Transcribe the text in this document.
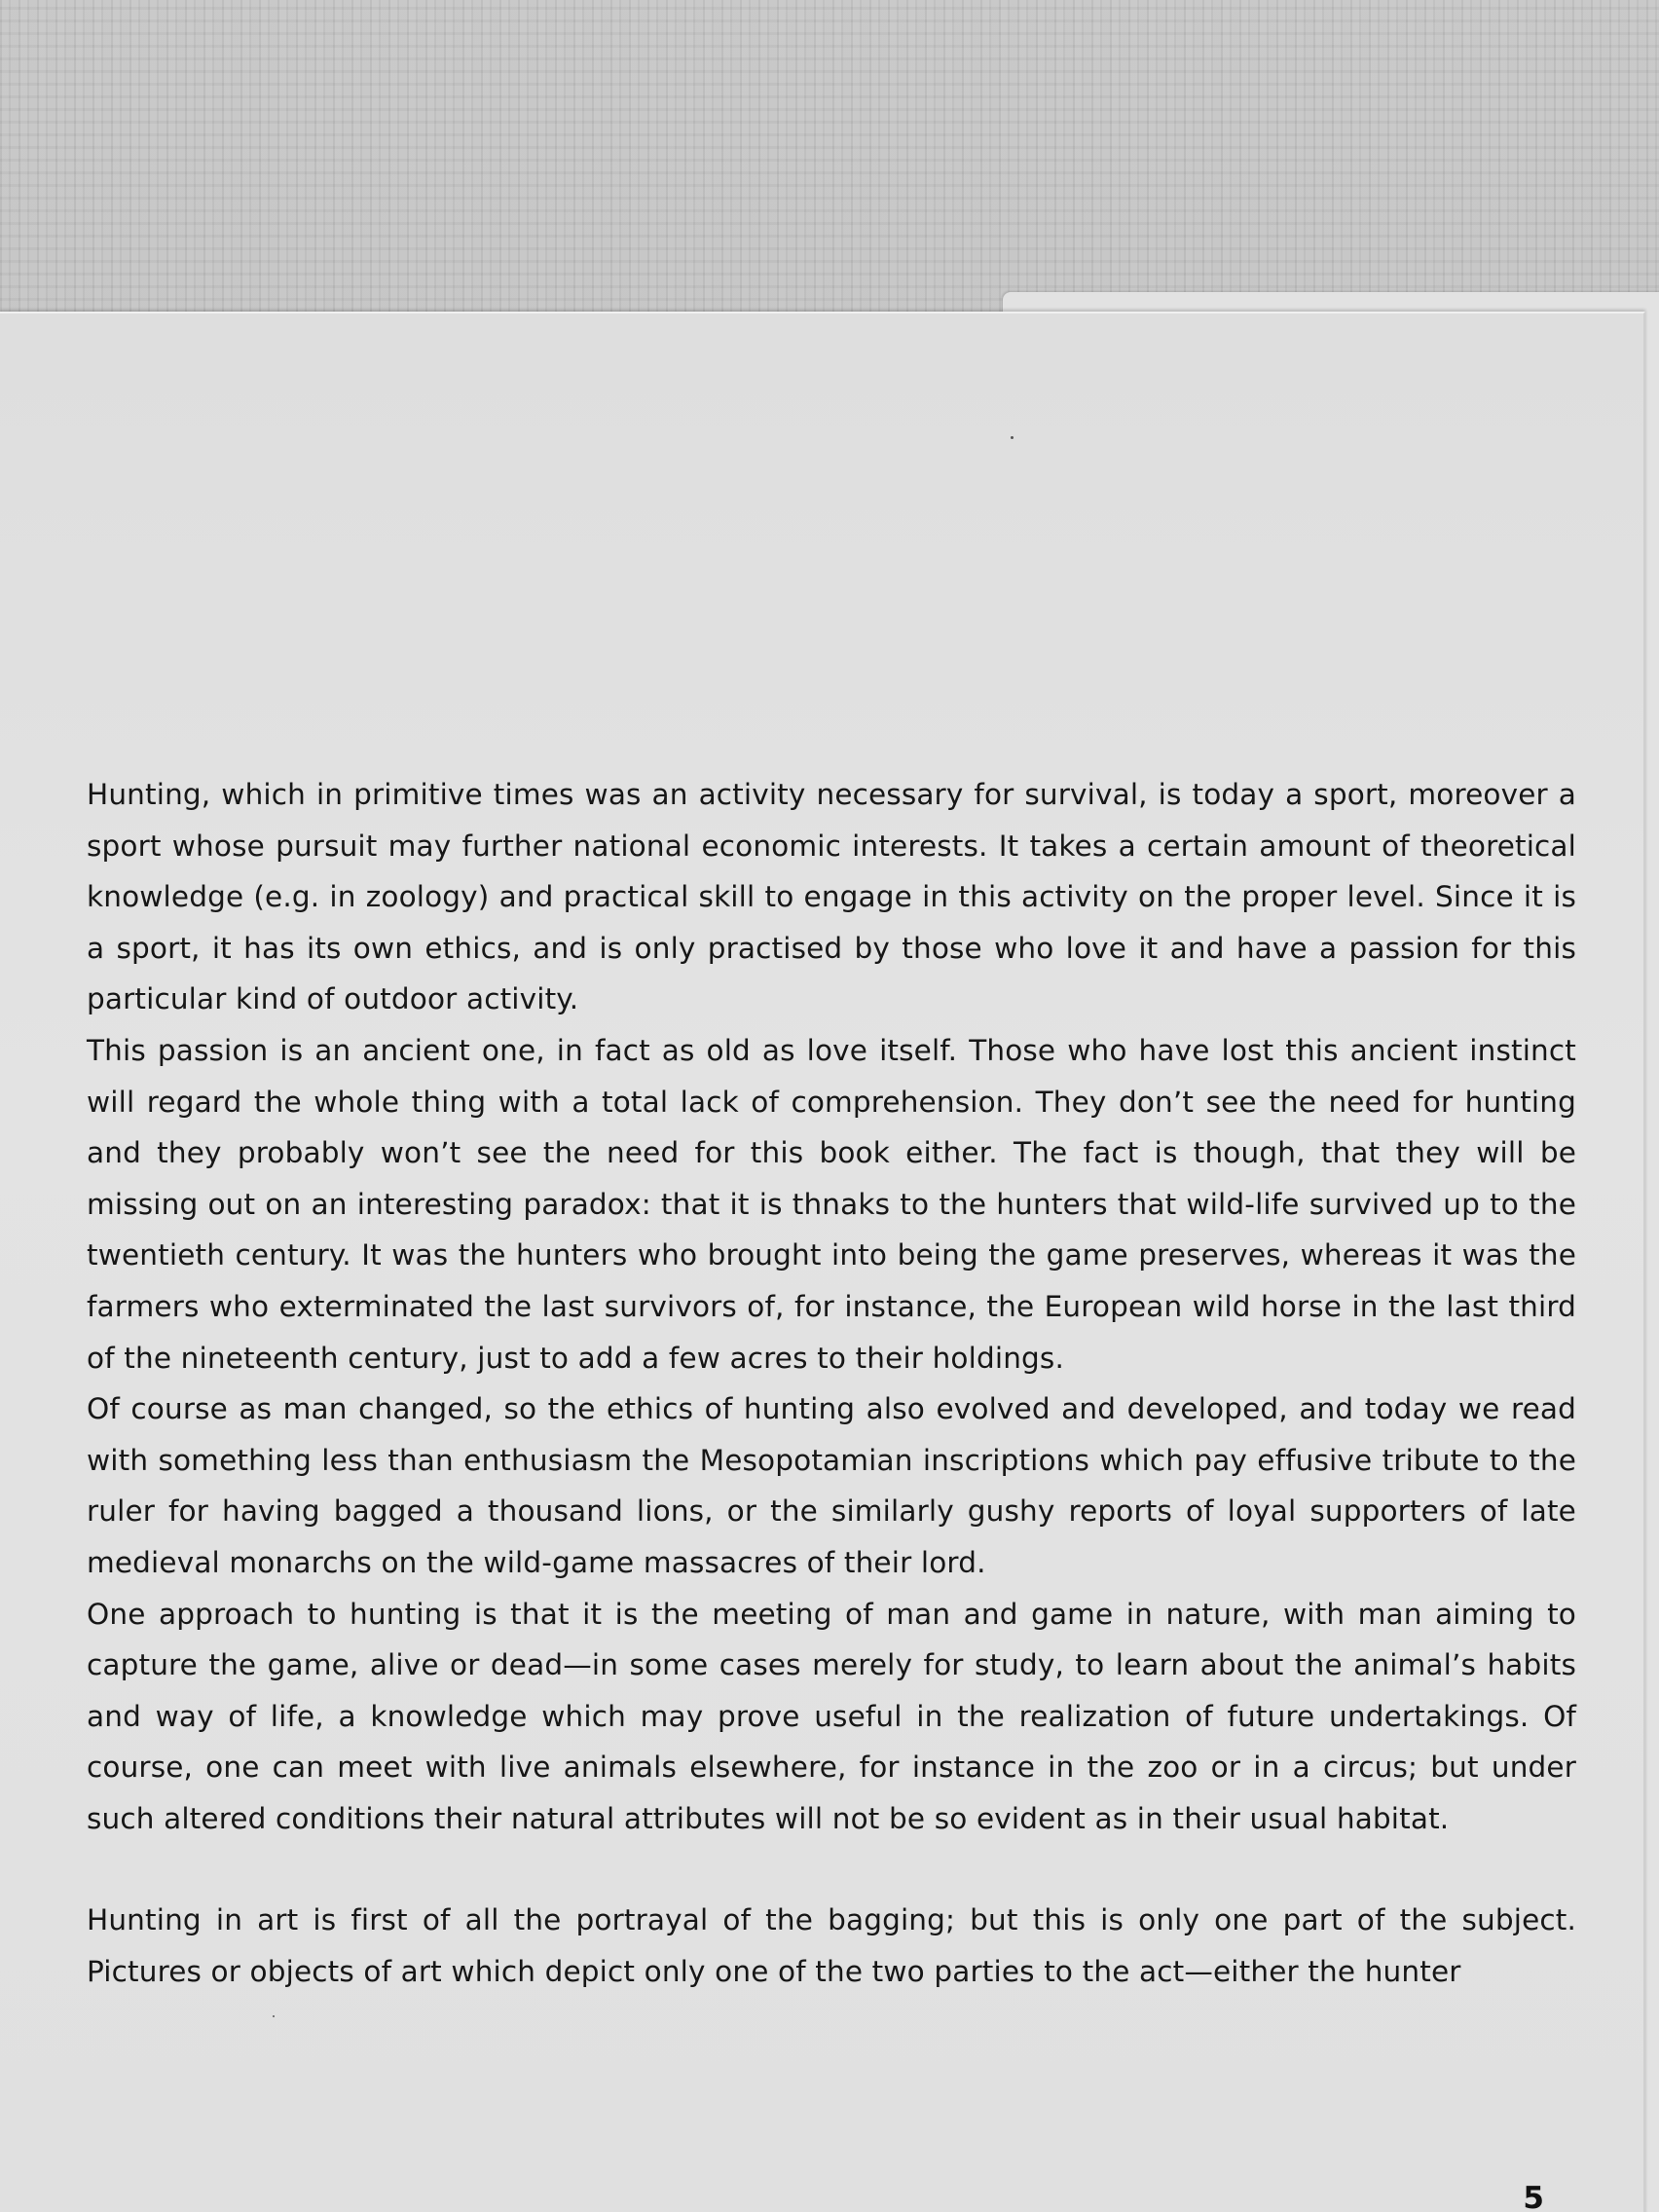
Hunting, which in primitive times was an activity necessary for survival, is today a sport, moreover a sport whose pursuit may further national economic interests. It takes a certain amount of theoretical knowledge (e.g. in zoology) and practical skill to engage in this activity on the proper level. Since it is a sport, it has its own ethics, and is only practised by those who love it and have a passion for this particular kind of outdoor activity.

This passion is an ancient one, in fact as old as love itself. Those who have lost this ancient instinct will regard the whole thing with a total lack of comprehension. They don’t see the need for hunting and they probably won’t see the need for this book either. The fact is though, that they will be missing out on an interesting paradox: that it is thnaks to the hunters that wild-life survived up to the twentieth century. It was the hunters who brought into being the game preserves, whereas it was the farmers who exterminated the last survivors of, for instance, the European wild horse in the last third of the nineteenth century, just to add a few acres to their holdings.

Of course as man changed, so the ethics of hunting also evolved and developed, and today we read with something less than enthusiasm the Mesopotamian inscriptions which pay effusive tribute to the ruler for having bagged a thousand lions, or the similarly gushy reports of loyal supporters of late medieval monarchs on the wild-game massacres of their lord.

One approach to hunting is that it is the meeting of man and game in nature, with man aiming to capture the game, alive or dead—in some cases merely for study, to learn about the animal’s habits and way of life, a knowledge which may prove useful in the realization of future undertakings. Of course, one can meet with live animals elsewhere, for instance in the zoo or in a circus; but under such altered conditions their natural attributes will not be so evident as in their usual habitat.

Hunting in art is first of all the portrayal of the bagging; but this is only one part of the subject. Pictures or objects of art which depict only one of the two parties to the act—either the hunter

5
